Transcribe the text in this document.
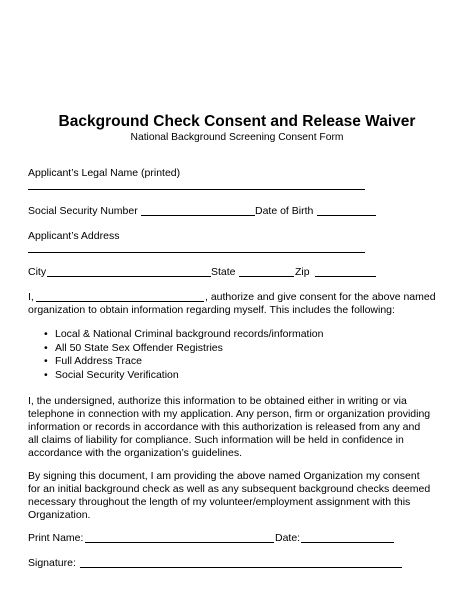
Background Check Consent and Release Waiver
National Background Screening Consent Form
Applicant’s Legal Name (printed)
Social Security Number	Date of Birth
Applicant’s Address
City	State	Zip
I,	, authorize and give consent for the above named
organization to obtain information regarding myself. This includes the following:
• Local & National Criminal background records/information
• All 50 State Sex Offender Registries
• Full Address Trace
• Social Security Verification
I, the undersigned, authorize this information to be obtained either in writing or via
telephone in connection with my application. Any person, firm or organization providing
information or records in accordance with this authorization is released from any and
all claims of liability for compliance. Such information will be held in confidence in
accordance with the organization’s guidelines.
By signing this document, I am providing the above named Organization my consent
for an initial background check as well as any subsequent background checks deemed
necessary throughout the length of my volunteer/employment assignment with this
Organization.
Print Name:	Date:
Signature:
